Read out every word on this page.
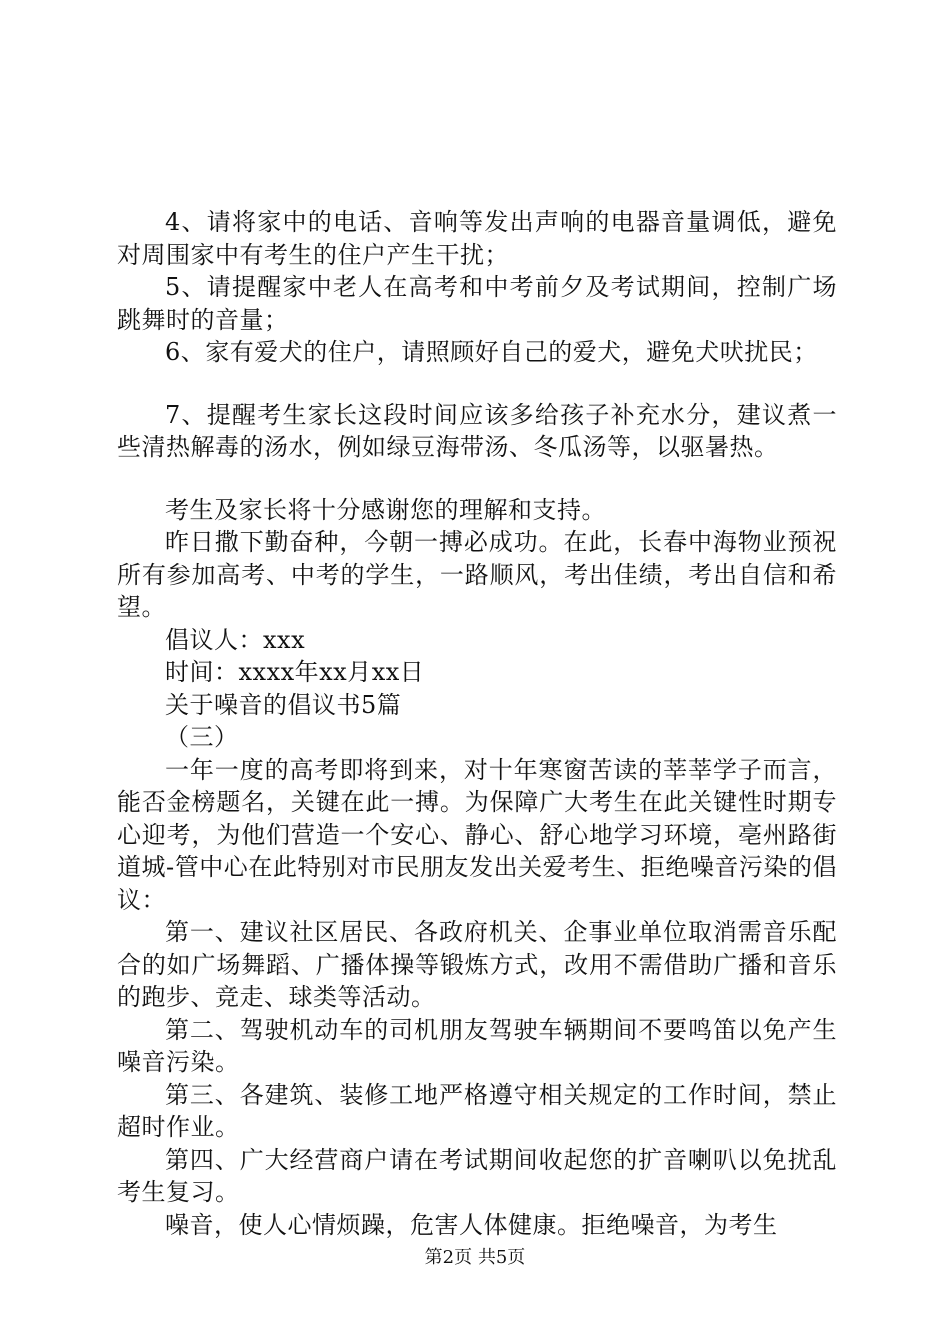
4、请将家中的电话、音响等发出声响的电器音量调低，避免对周围家中有考生的住户产生干扰；

5、请提醒家中老人在高考和中考前夕及考试期间，控制广场跳舞时的音量；

6、家有爱犬的住户，请照顾好自己的爱犬，避免犬吠扰民；

7、提醒考生家长这段时间应该多给孩子补充水分，建议煮一些清热解毒的汤水，例如绿豆海带汤、冬瓜汤等，以驱暑热。

考生及家长将十分感谢您的理解和支持。

昨日撒下勤奋种，今朝一搏必成功。在此，长春中海物业预祝所有参加高考、中考的学生，一路顺风，考出佳绩，考出自信和希望。

倡议人：xxx

时间：xxxx年xx月xx日

关于噪音的倡议书5篇

（三）

一年一度的高考即将到来，对十年寒窗苦读的莘莘学子而言，能否金榜题名，关键在此一搏。为保障广大考生在此关键性时期专心迎考，为他们营造一个安心、静心、舒心地学习环境，亳州路街道城-管中心在此特别对市民朋友发出关爱考生、拒绝噪音污染的倡议：

第一、建议社区居民、各政府机关、企事业单位取消需音乐配合的如广场舞蹈、广播体操等锻炼方式，改用不需借助广播和音乐的跑步、竞走、球类等活动。

第二、驾驶机动车的司机朋友驾驶车辆期间不要鸣笛以免产生噪音污染。

第三、各建筑、装修工地严格遵守相关规定的工作时间，禁止超时作业。

第四、广大经营商户请在考试期间收起您的扩音喇叭以免扰乱考生复习。

噪音，使人心情烦躁，危害人体健康。拒绝噪音，为考生

第2页 共5页
